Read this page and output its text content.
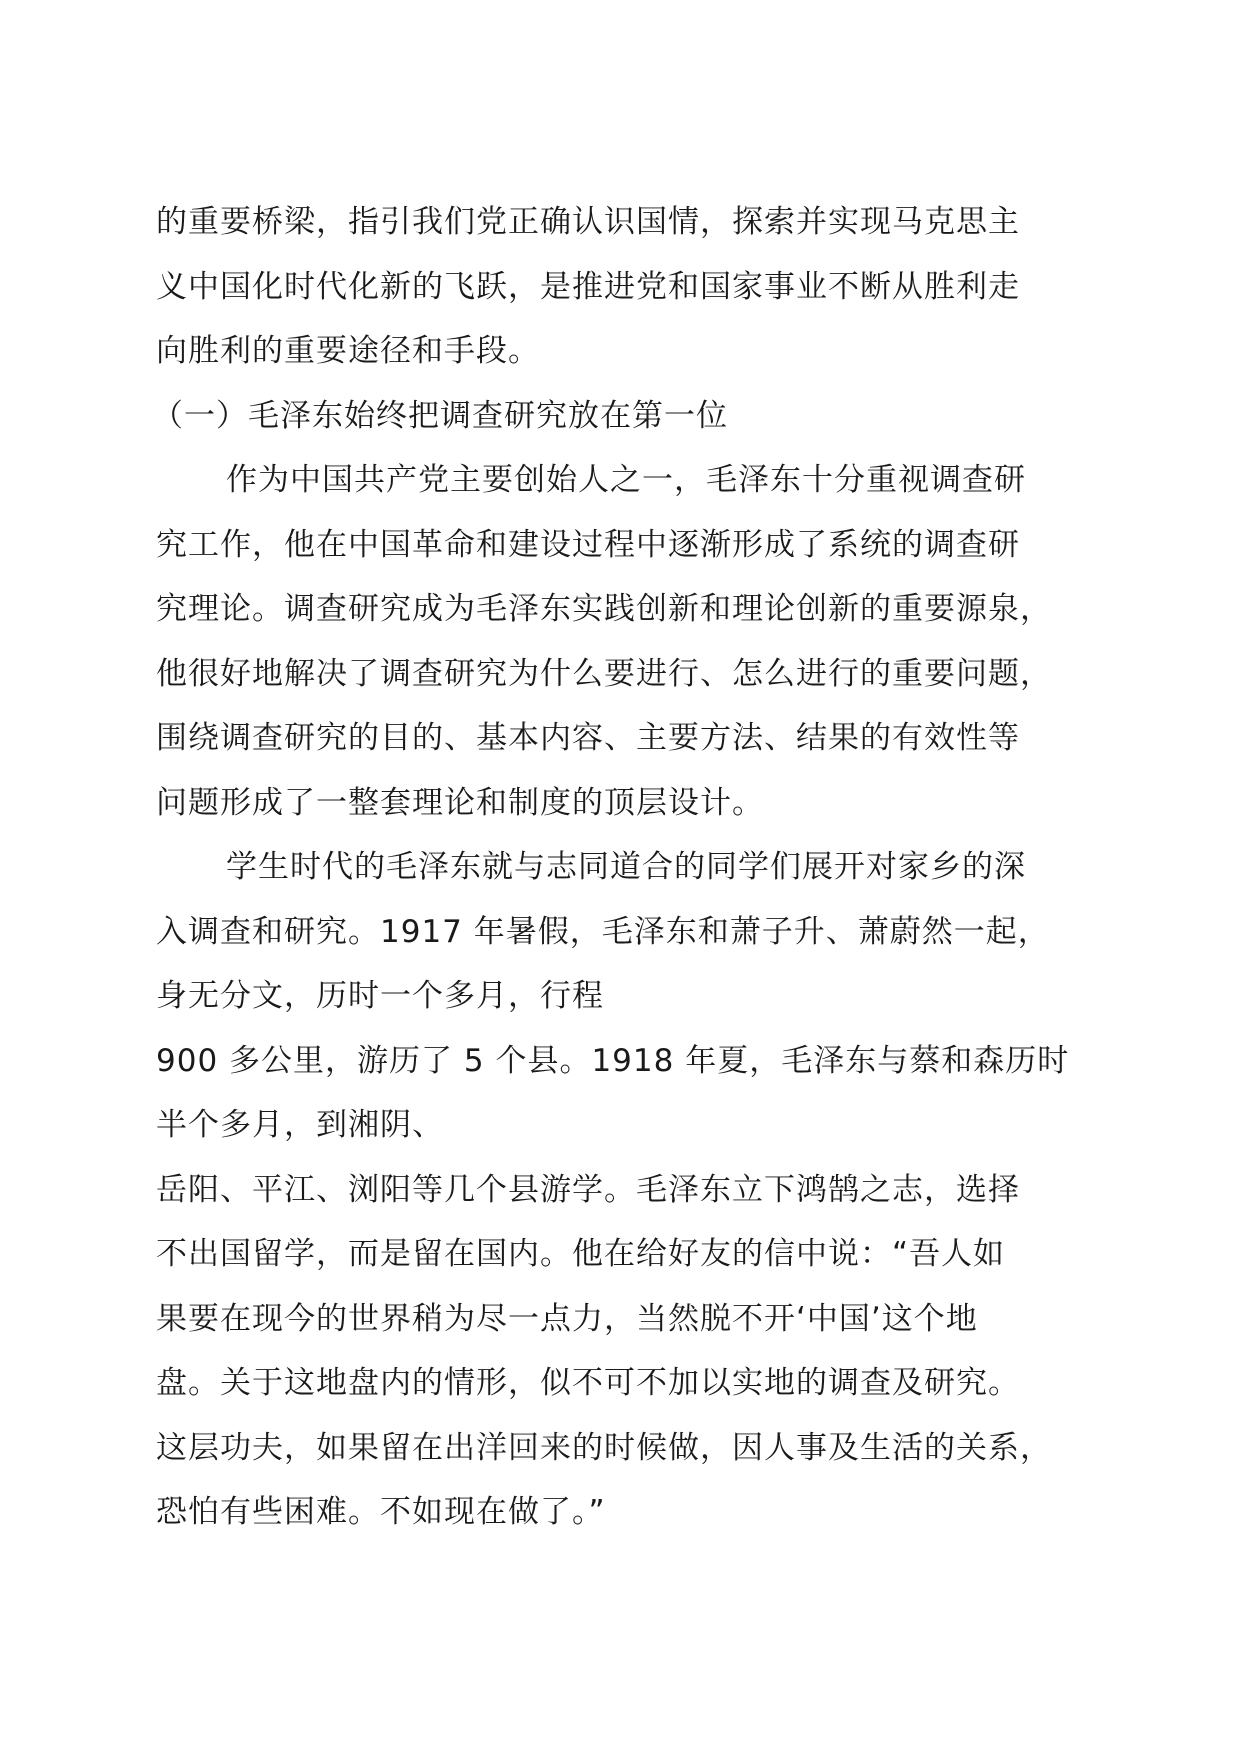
的重要桥梁，指引我们党正确认识国情，探索并实现马克思主
义中国化时代化新的飞跃，是推进党和国家事业不断从胜利走
向胜利的重要途径和手段。
（一）毛泽东始终把调查研究放在第一位
作为中国共产党主要创始人之一，毛泽东十分重视调查研
究工作，他在中国革命和建设过程中逐渐形成了系统的调查研
究理论。调查研究成为毛泽东实践创新和理论创新的重要源泉，
他很好地解决了调查研究为什么要进行、怎么进行的重要问题，
围绕调查研究的目的、基本内容、主要方法、结果的有效性等
问题形成了一整套理论和制度的顶层设计。
学生时代的毛泽东就与志同道合的同学们展开对家乡的深
入调查和研究。1917 年暑假，毛泽东和萧子升、萧蔚然一起，
身无分文，历时一个多月，行程
900 多公里，游历了 5 个县。1918 年夏，毛泽东与蔡和森历时
半个多月，到湘阴、
岳阳、平江、浏阳等几个县游学。毛泽东立下鸿鹄之志，选择
不出国留学，而是留在国内。他在给好友的信中说：“吾人如
果要在现今的世界稍为尽一点力，当然脱不开‘中国’这个地
盘。关于这地盘内的情形，似不可不加以实地的调查及研究。
这层功夫，如果留在出洋回来的时候做，因人事及生活的关系，
恐怕有些困难。不如现在做了。”
